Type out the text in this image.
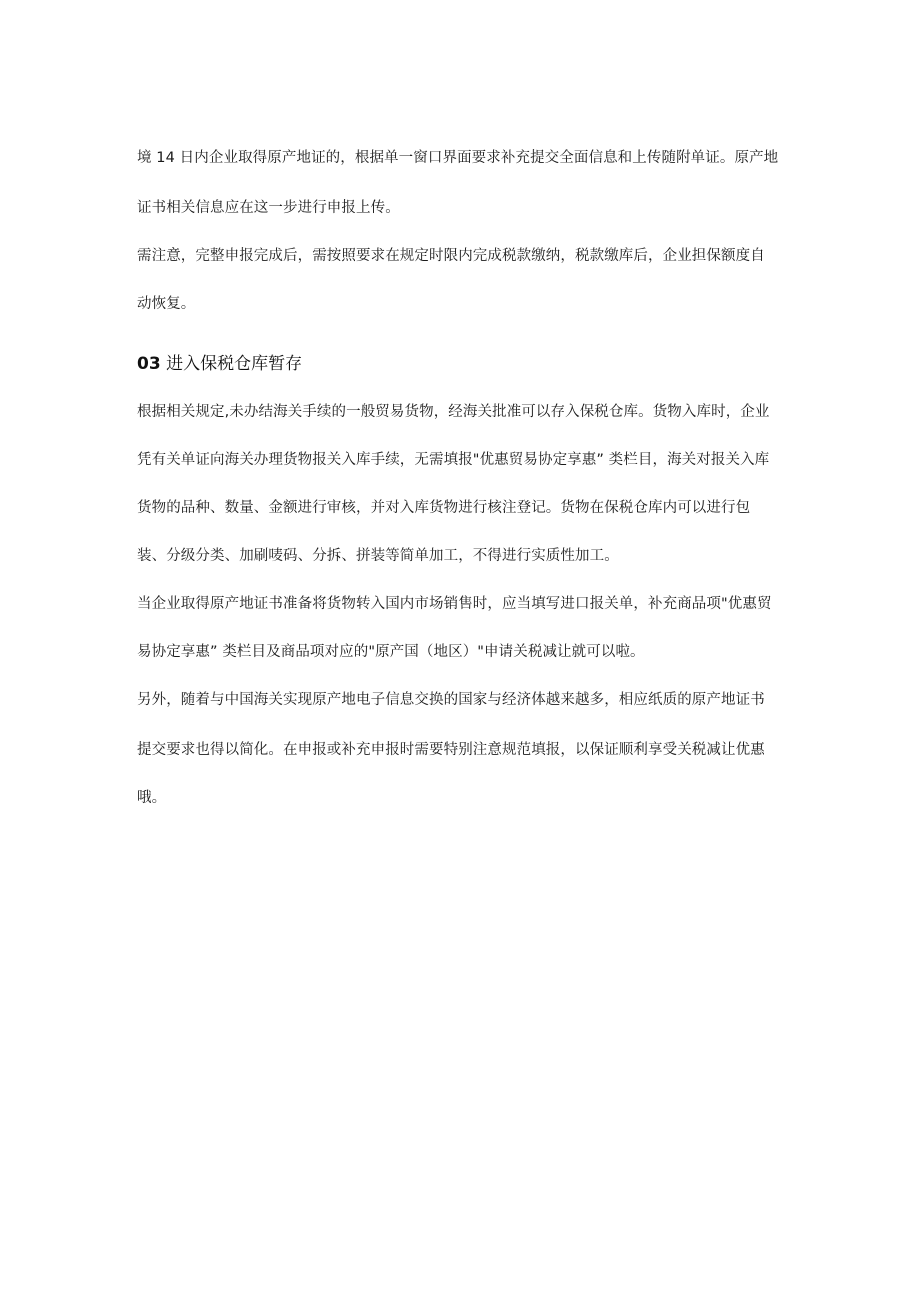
境 14 日内企业取得原产地证的，根据单一窗口界面要求补充提交全面信息和上传随附单证。原产地
证书相关信息应在这一步进行申报上传。
需注意，完整申报完成后，需按照要求在规定时限内完成税款缴纳，税款缴库后，企业担保额度自
动恢复。
03 进入保税仓库暂存
根据相关规定,未办结海关手续的一般贸易货物，经海关批准可以存入保税仓库。货物入库时，企业
凭有关单证向海关办理货物报关入库手续，无需填报"优惠贸易协定享惠” 类栏目，海关对报关入库
货物的品种、数量、金额进行审核，并对入库货物进行核注登记。货物在保税仓库内可以进行包
装、分级分类、加刷唛码、分拆、拼装等简单加工，不得进行实质性加工。
当企业取得原产地证书准备将货物转入国内市场销售时，应当填写进口报关单，补充商品项"优惠贸
易协定享惠” 类栏目及商品项对应的"原产国（地区）"申请关税减让就可以啦。
另外，随着与中国海关实现原产地电子信息交换的国家与经济体越来越多，相应纸质的原产地证书
提交要求也得以简化。在申报或补充申报时需要特别注意规范填报，以保证顺利享受关税减让优惠
哦。
